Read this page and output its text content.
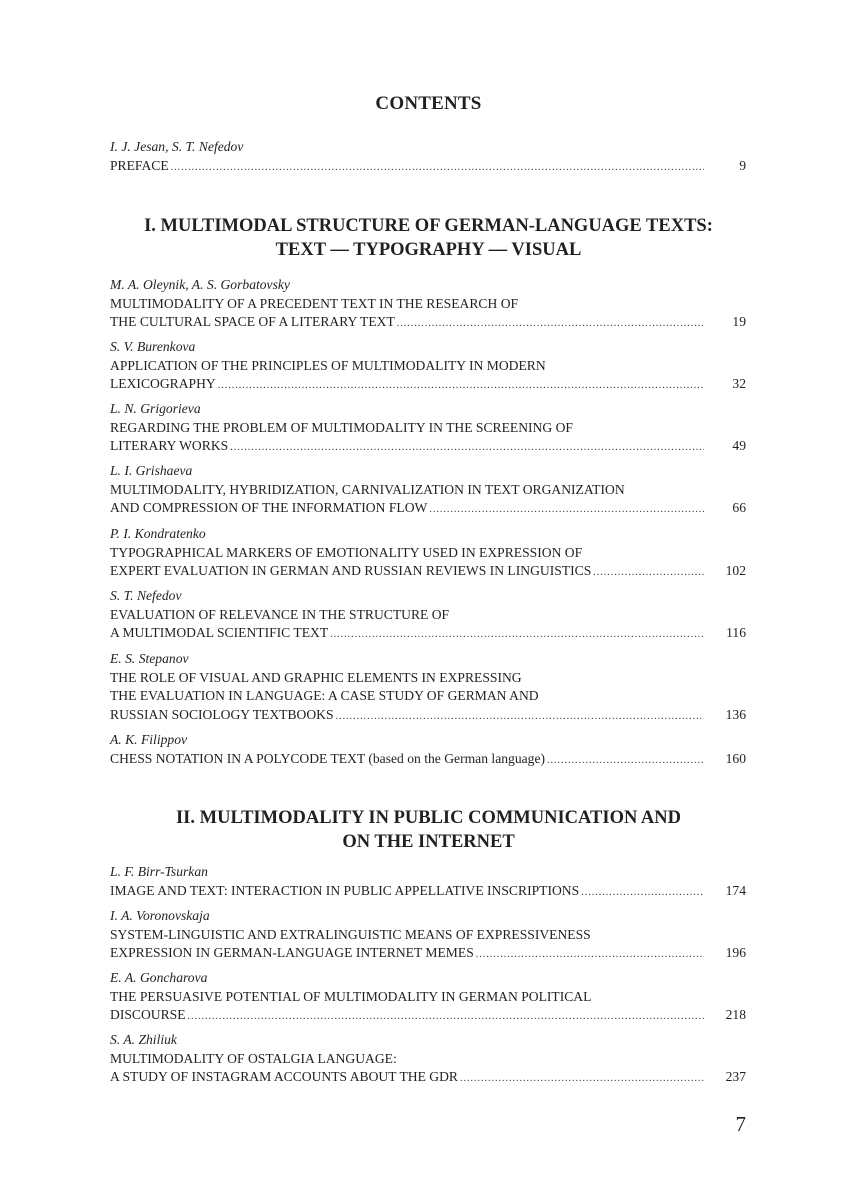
CONTENTS
I. J. Jesan, S. T. Nefedov
PREFACE .....	9
I. MULTIMODAL STRUCTURE OF GERMAN-LANGUAGE TEXTS:
TEXT — TYPOGRAPHY — VISUAL
M. A. Oleynik, A. S. Gorbatovsky
MULTIMODALITY OF A PRECEDENT TEXT IN THE RESEARCH OF
THE CULTURAL SPACE OF A LITERARY TEXT .....	19
S. V. Burenkova
APPLICATION OF THE PRINCIPLES OF MULTIMODALITY IN MODERN
LEXICOGRAPHY .....	32
L. N. Grigorieva
REGARDING THE PROBLEM OF MULTIMODALITY IN THE SCREENING OF
LITERARY WORKS .....	49
L. I. Grishaeva
MULTIMODALITY, HYBRIDIZATION, CARNIVALIZATION IN TEXT ORGANIZATION
AND COMPRESSION OF THE INFORMATION FLOW .....	66
P. I. Kondratenko
TYPOGRAPHICAL MARKERS OF EMOTIONALITY USED IN EXPRESSION OF
EXPERT EVALUATION IN GERMAN AND RUSSIAN REVIEWS IN LINGUISTICS .....	102
S. T. Nefedov
EVALUATION OF RELEVANCE IN THE STRUCTURE OF
A MULTIMODAL SCIENTIFIC TEXT .....	116
E. S. Stepanov
THE ROLE OF VISUAL AND GRAPHIC ELEMENTS IN EXPRESSING
THE EVALUATION IN LANGUAGE: A CASE STUDY OF GERMAN AND
RUSSIAN SOCIOLOGY TEXTBOOKS .....	136
A. K. Filippov
CHESS NOTATION IN A POLYCODE TEXT (based on the German language) .....	160
II. MULTIMODALITY IN PUBLIC COMMUNICATION AND
ON THE INTERNET
L. F. Birr-Tsurkan
IMAGE AND TEXT: INTERACTION IN PUBLIC APPELLATIVE INSCRIPTIONS .....	174
I. A. Voronovskaja
SYSTEM-LINGUISTIC AND EXTRALINGUISTIC MEANS OF EXPRESSIVENESS
EXPRESSION IN GERMAN-LANGUAGE INTERNET MEMES .....	196
E. A. Goncharova
THE PERSUASIVE POTENTIAL OF MULTIMODALITY IN GERMAN POLITICAL
DISCOURSE .....	218
S. A. Zhiliuk
MULTIMODALITY OF OSTALGIA LANGUAGE:
A STUDY OF INSTAGRAM ACCOUNTS ABOUT THE GDR .....	237
7
